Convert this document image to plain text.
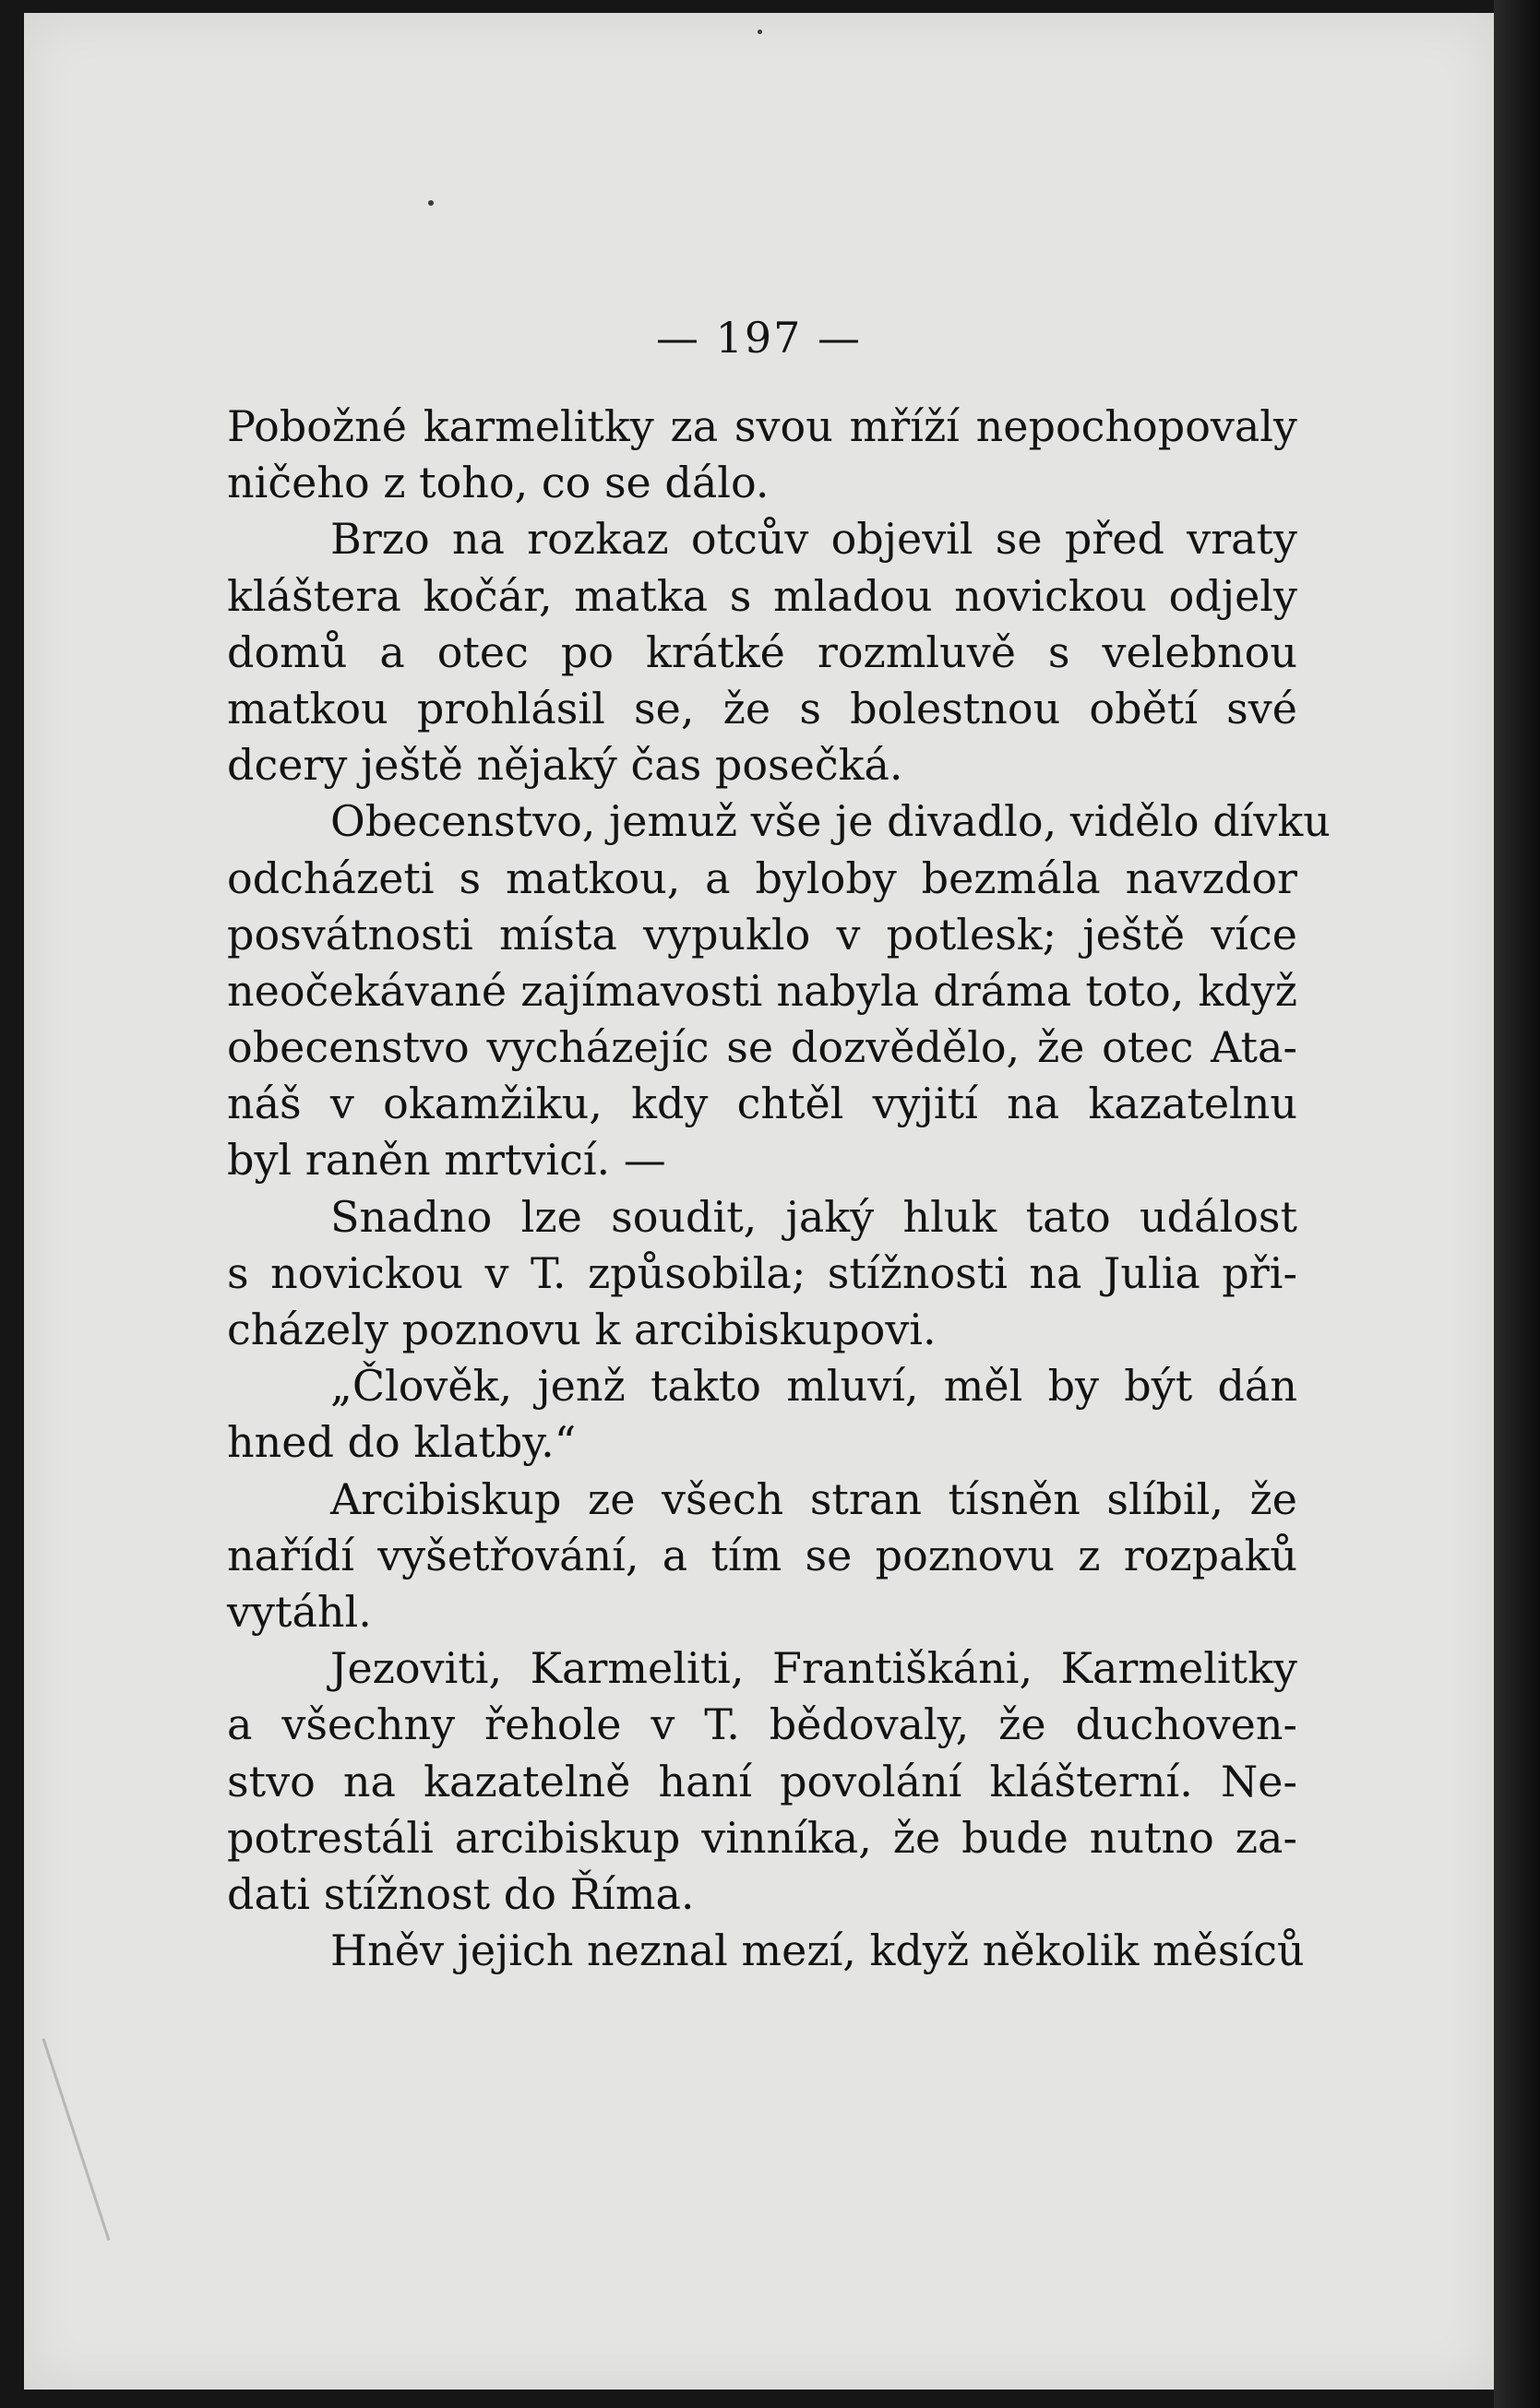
— 197 —
Pobožné karmelitky za svou mříží nepochopovaly
ničeho z toho, co se dálo.
Brzo na rozkaz otcův objevil se před vraty
kláštera kočár, matka s mladou novickou odjely
domů a otec po krátké rozmluvě s velebnou
matkou prohlásil se, že s bolestnou obětí své
dcery ještě nějaký čas posečká.
Obecenstvo, jemuž vše je divadlo, vidělo dívku
odcházeti s matkou, a byloby bezmála navzdor
posvátnosti místa vypuklo v potlesk; ještě více
neočekávané zajímavosti nabyla dráma toto, když
obecenstvo vycházejíc se dozvědělo, že otec Ata-
náš v okamžiku, kdy chtěl vyjití na kazatelnu
byl raněn mrtvicí. —
Snadno lze soudit, jaký hluk tato událost
s novickou v T. způsobila; stížnosti na Julia při-
cházely poznovu k arcibiskupovi.
„Člověk, jenž takto mluví, měl by být dán
hned do klatby.“
Arcibiskup ze všech stran tísněn slíbil, že
nařídí vyšetřování, a tím se poznovu z rozpaků
vytáhl.
Jezoviti, Karmeliti, Františkáni, Karmelitky
a všechny řehole v T. bědovaly, že duchoven-
stvo na kazatelně haní povolání klášterní. Ne-
potrestáli arcibiskup vinníka, že bude nutno za-
dati stížnost do Říma.
Hněv jejich neznal mezí, když několik měsíců
